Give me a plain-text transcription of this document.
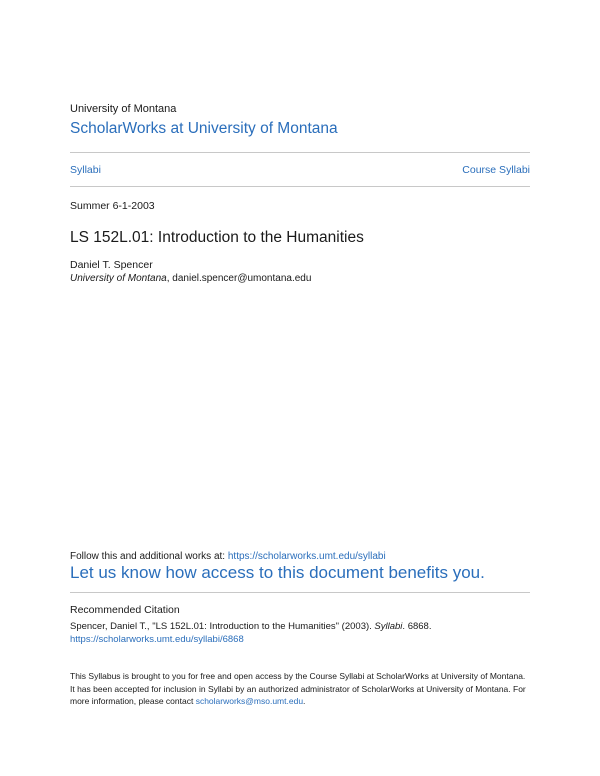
University of Montana
ScholarWorks at University of Montana
Syllabi	Course Syllabi
Summer 6-1-2003
LS 152L.01: Introduction to the Humanities
Daniel T. Spencer
University of Montana, daniel.spencer@umontana.edu
Follow this and additional works at: https://scholarworks.umt.edu/syllabi
Let us know how access to this document benefits you.
Recommended Citation
Spencer, Daniel T., "LS 152L.01: Introduction to the Humanities" (2003). Syllabi. 6868.
https://scholarworks.umt.edu/syllabi/6868
This Syllabus is brought to you for free and open access by the Course Syllabi at ScholarWorks at University of Montana. It has been accepted for inclusion in Syllabi by an authorized administrator of ScholarWorks at University of Montana. For more information, please contact scholarworks@mso.umt.edu.
